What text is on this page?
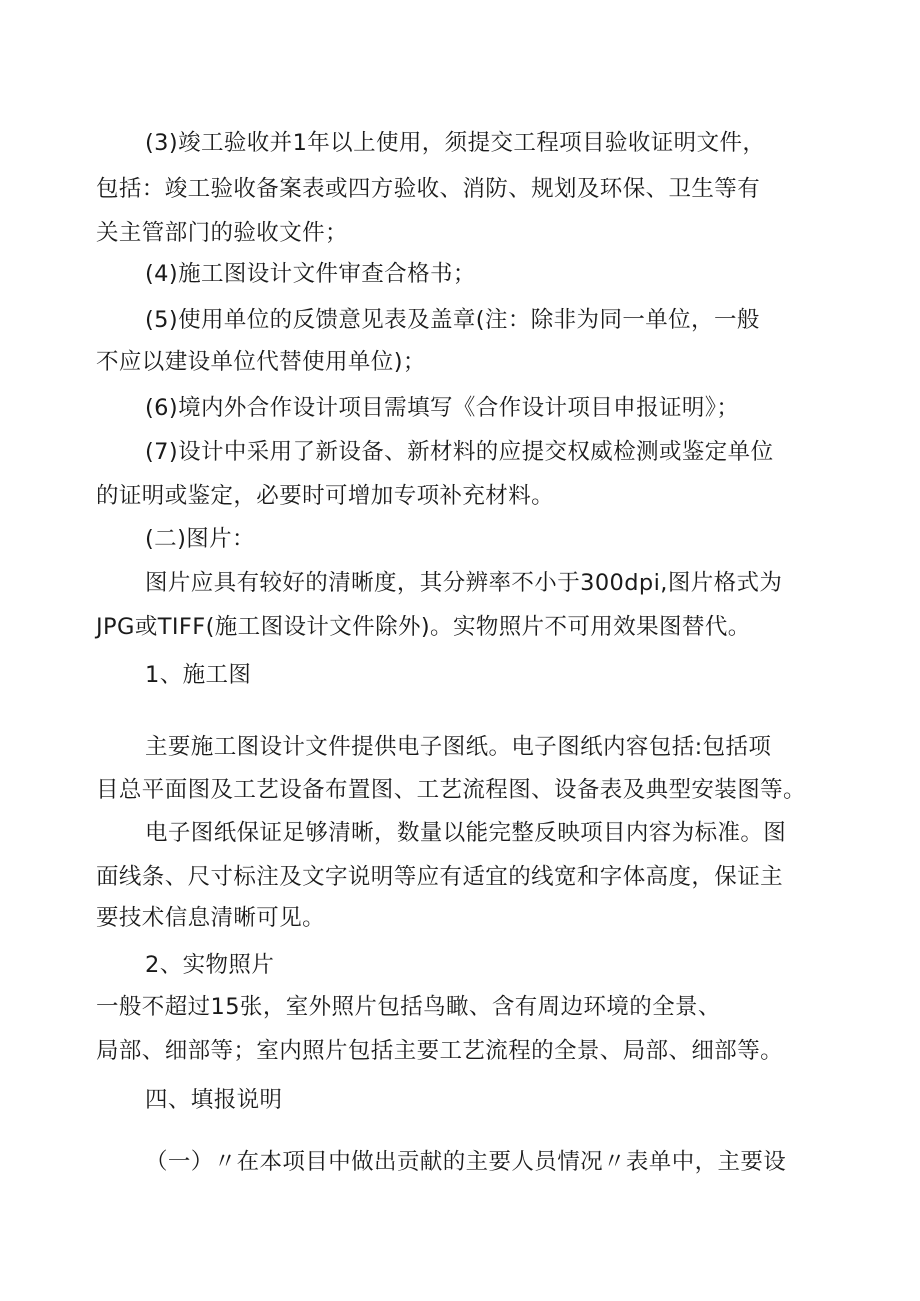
(3)竣工验收并1年以上使用，须提交工程项目验收证明文件，
包括：竣工验收备案表或四方验收、消防、规划及环保、卫生等有
关主管部门的验收文件；
(4)施工图设计文件审查合格书；
(5)使用单位的反馈意见表及盖章(注：除非为同一单位，一般
不应以建设单位代替使用单位)；
(6)境内外合作设计项目需填写《合作设计项目申报证明》；
(7)设计中采用了新设备、新材料的应提交权威检测或鉴定单位
的证明或鉴定，必要时可增加专项补充材料。
(二)图片：
图片应具有较好的清晰度，其分辨率不小于300dpi,图片格式为
JPG或TIFF(施工图设计文件除外)。实物照片不可用效果图替代。
1、施工图
主要施工图设计文件提供电子图纸。电子图纸内容包括:包括项
目总平面图及工艺设备布置图、工艺流程图、设备表及典型安装图等。
电子图纸保证足够清晰，数量以能完整反映项目内容为标准。图
面线条、尺寸标注及文字说明等应有适宜的线宽和字体高度，保证主
要技术信息清晰可见。
2、实物照片
一般不超过15张，室外照片包括鸟瞰、含有周边环境的全景、
局部、细部等；室内照片包括主要工艺流程的全景、局部、细部等。
四、填报说明
（一）〃在本项目中做出贡献的主要人员情况〃表单中，主要设
